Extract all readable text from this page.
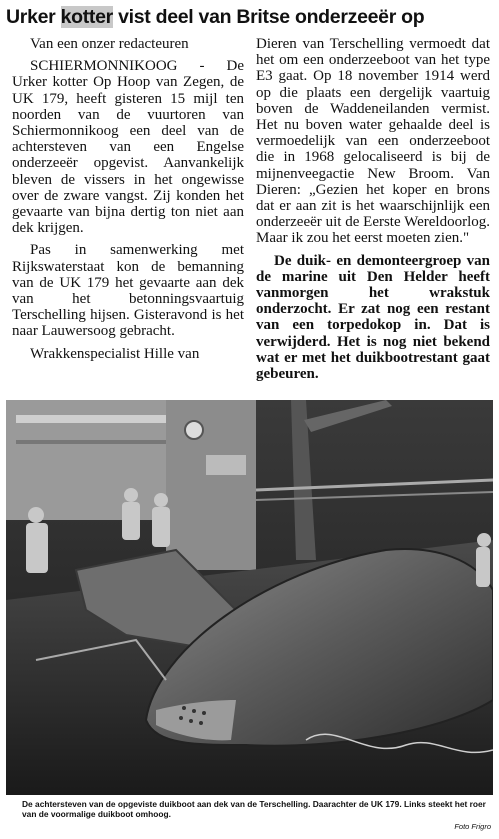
Urker kotter vist deel van Britse onderzeeër op

Van een onzer redacteuren

SCHIERMONNIKOOG - De Urker kotter Op Hoop van Zegen, de UK 179, heeft gisteren 15 mijl ten noorden van de vuurtoren van Schiermonnikoog een deel van de achtersteven van een Engelse onderzeeër opgevist. Aanvankelijk bleven de vissers in het ongewisse over de zware vangst. Zij konden het gevaarte van bijna dertig ton niet aan dek krijgen.

Pas in samenwerking met Rijkswaterstaat kon de bemanning van de UK 179 het gevaarte aan dek van het betonningsvaartuig Terschelling hijsen. Gisteravond is het naar Lauwersoog gebracht.

Wrakkenspecialist Hille van

Dieren van Terschelling vermoedt dat het om een onderzeeboot van het type E3 gaat. Op 18 november 1914 werd op die plaats een dergelijk vaartuig boven de Waddeneilanden vermist. Het nu boven water gehaalde deel is vermoedelijk van een onderzeeboot die in 1968 gelocaliseerd is bij de mijnenveegactie New Broom. Van Dieren: „Gezien het koper en brons dat er aan zit is het waarschijnlijk een onderzeeër uit de Eerste Wereldoorlog. Maar ik zou het eerst moeten zien."

De duik- en demonteergroep van de marine uit Den Helder heeft vanmorgen het wrakstuk onderzocht. Er zat nog een restant van een torpedokop in. Dat is verwijderd. Het is nog niet bekend wat er met het duikbootrestant gaat gebeuren.

De achtersteven van de opgeviste duikboot aan dek van de Terschelling. Daarachter de UK 179. Links steekt het roer van de voormalige duikboot omhoog.
Foto Frigro
